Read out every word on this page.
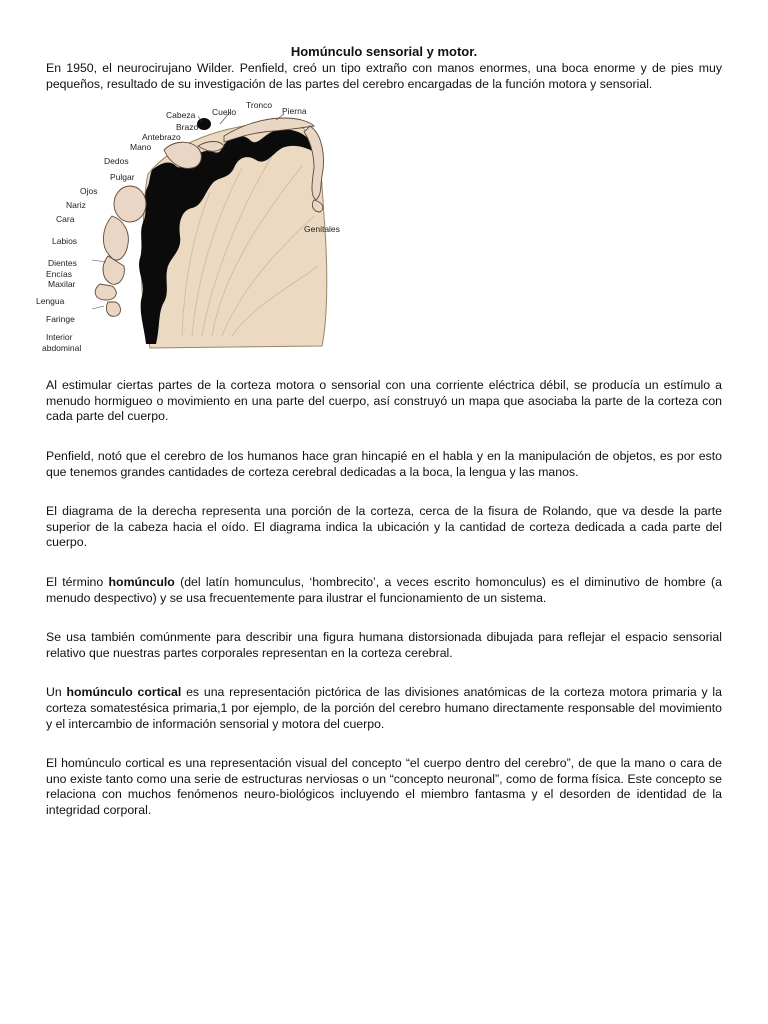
Homúnculo sensorial y motor.

En 1950, el neurocirujano Wilder. Penfield, creó un tipo extraño con manos enormes, una boca enorme y de pies muy pequeños, resultado de su investigación de las partes del cerebro encargadas de la función motora y sensorial.

Cabeza Cuello
Tronco
Pierna
Brazo
Antebrazo
Mano
Dedos
Pulgar
Ojos
Nariz
Cara
Labios
Genitales
Dientes
Encías
Maxilar
Lengua
Faringe
Interior
abdominal

Al estimular ciertas partes de la corteza motora o sensorial con una corriente eléctrica débil, se producía un estímulo a menudo hormigueo o movimiento en una parte del cuerpo, así construyó un mapa que asociaba la parte de la corteza con cada parte del cuerpo.

Penfield, notó que el cerebro de los humanos hace gran hincapié en el habla y en la manipulación de objetos, es por esto que tenemos grandes cantidades de corteza cerebral dedicadas a la boca, la lengua y las manos.

El diagrama de la derecha representa una porción de la corteza, cerca de la fisura de Rolando, que va desde la parte superior de la cabeza hacia el oído. El diagrama indica la ubicación y la cantidad de corteza dedicada a cada parte del cuerpo.

El término homúnculo (del latín homunculus, ‘hombrecito’, a veces escrito homonculus) es el diminutivo de hombre (a menudo despectivo) y se usa frecuentemente para ilustrar el funcionamiento de un sistema.

Se usa también comúnmente para describir una figura humana distorsionada dibujada para reflejar el espacio sensorial relativo que nuestras partes corporales representan en la corteza cerebral.

Un homúnculo cortical es una representación pictórica de las divisiones anatómicas de la corteza motora primaria y la corteza somatestésica primaria,1 por ejemplo, de la porción del cerebro humano directamente responsable del movimiento y el intercambio de información sensorial y motora del cuerpo.

El homúnculo cortical es una representación visual del concepto “el cuerpo dentro del cerebro”, de que la mano o cara de uno existe tanto como una serie de estructuras nerviosas o un “concepto neuronal”, como de forma física. Este concepto se relaciona con muchos fenómenos neuro-biológicos incluyendo el miembro fantasma y el desorden de identidad de la integridad corporal.
